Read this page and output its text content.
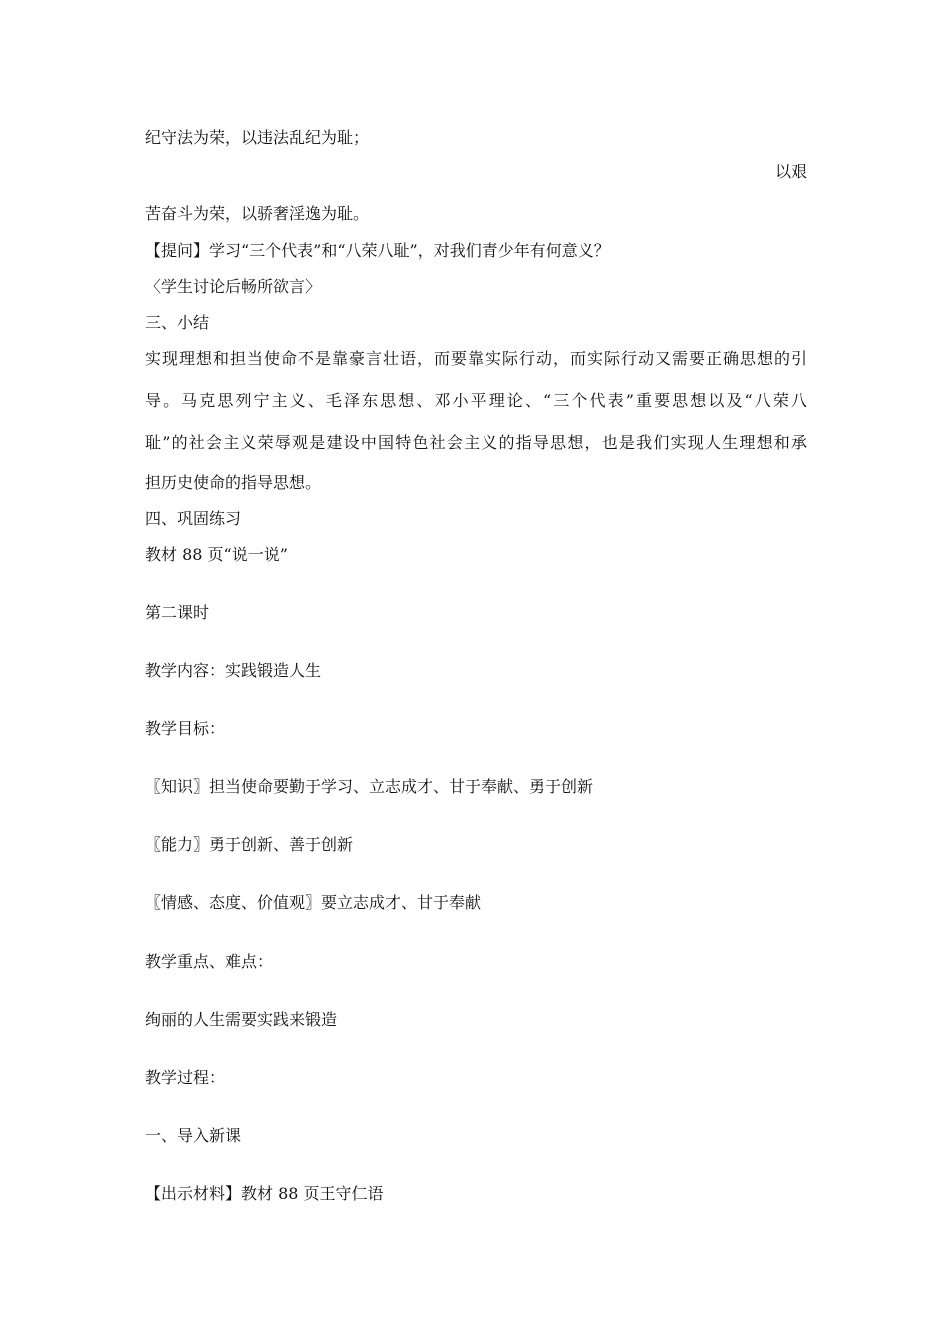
纪守法为荣，以违法乱纪为耻；

以艰

苦奋斗为荣，以骄奢淫逸为耻。

【提问】学习“三个代表”和“八荣八耻”，对我们青少年有何意义？

〈学生讨论后畅所欲言〉

三、小结

实现理想和担当使命不是靠豪言壮语，而要靠实际行动，而实际行动又需要正确思想的引

导。马克思列宁主义、毛泽东思想、邓小平理论、“三个代表”重要思想以及“八荣八

耻”的社会主义荣辱观是建设中国特色社会主义的指导思想，也是我们实现人生理想和承

担历史使命的指导思想。

四、巩固练习

教材 88 页“说一说”

第二课时

教学内容：实践锻造人生

教学目标：

〖知识〗担当使命要勤于学习、立志成才、甘于奉献、勇于创新

〖能力〗勇于创新、善于创新

〖情感、态度、价值观〗要立志成才、甘于奉献

教学重点、难点：

绚丽的人生需要实践来锻造

教学过程：

一、导入新课

【出示材料】教材 88 页王守仁语
